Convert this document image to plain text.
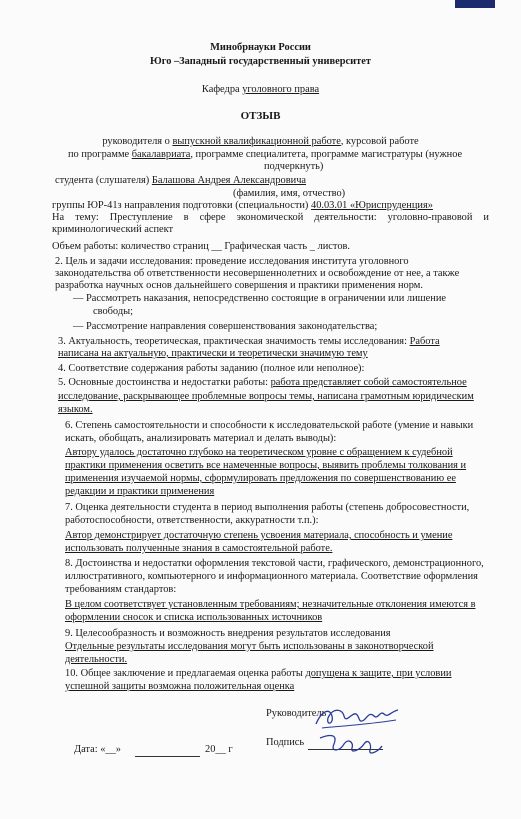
Минобрнауки России
Юго –Западный государственный университет
Кафедра уголовного права
ОТЗЫВ
руководителя о выпускной квалификационной работе, курсовой работе
по программе бакалавриата, программе специалитета, программе магистратуры (нужное
подчеркнуть)
студента (слушателя) Балашова Андрея Александровича
(фамилия, имя, отчество)
группы ЮР-41з направления подготовки (специальности) 40.03.01 «Юриспруденция»
На тему: Преступление в сфере экономической деятельности: уголовно-правовой и
криминологический аспект
Объем работы: количество страниц __ Графическая часть _ листов.
2. Цель и задачи исследования: проведение исследования института уголовного
законодательства об ответственности несовершеннолетних и освобождение от нее, а также
разработка научных основ дальнейшего совершения и практики применения норм.
— Рассмотреть наказания, непосредственно состоящие в ограничении или лишение
свободы;
— Рассмотрение направления совершенствования законодательства;
3. Актуальность, теоретическая, практическая значимость темы исследования: Работа
написана на актуальную, практически и теоретически значимую тему
4. Соответствие содержания работы заданию (полное или неполное):
5. Основные достоинства и недостатки работы: работа представляет собой самостоятельное
исследование, раскрывающее проблемные вопросы темы, написана грамотным юридическим
языком.
6. Степень самостоятельности и способности к исследовательской работе (умение и навыки
искать, обобщать, анализировать материал и делать выводы):
Автору удалось достаточно глубоко на теоретическом уровне с обращением к судебной
практики применения осветить все намеченные вопросы, выявить проблемы толкования и
применения изучаемой нормы, сформулировать предложения по совершенствованию ее
редакции и практики применения
7. Оценка деятельности студента в период выполнения работы (степень добросовестности,
работоспособности, ответственности, аккуратности т.п.):
Автор демонстрирует достаточную степень усвоения материала, способность и умение
использовать полученные знания в самостоятельной работе.
8. Достоинства и недостатки оформления текстовой части, графического, демонстрационного,
иллюстративного, компьютерного и информационного материала. Соответствие оформления
требованиям стандартов:
В целом соответствует установленным требованиям; незначительные отклонения имеются в
оформлении сносок и списка использованных источников
9. Целесообразность и возможность внедрения результатов исследования
Отдельные результаты исследования могут быть использованы в законотворческой
деятельности.
10. Общее заключение и предлагаемая оценка работы допущена к защите, при условии
успешной защиты возможна положительная оценка
Руководитель
Подпись
Дата: «__»	20__ г
